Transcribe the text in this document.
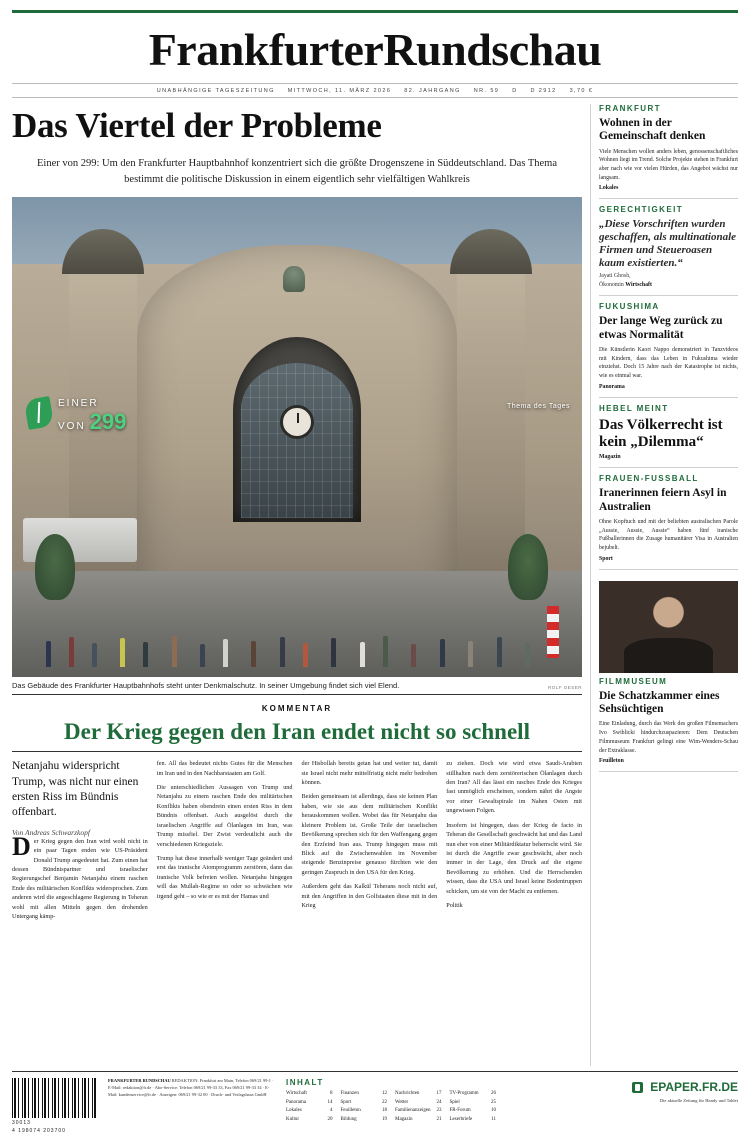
FrankfurterRundschau
UNABHÄNGIGE TAGESZEITUNG MITTWOCH, 11. MÄRZ 2026 82. JAHRGANG NR. 59 D D 2912 3,70 €
Das Viertel der Probleme
Einer von 299: Um den Frankfurter Hauptbahnhof konzentriert sich die größte Drogenszene in Süddeutschland. Das Thema bestimmt die politische Diskussion in einem eigentlich sehr vielfältigen Wahlkreis
EINER
VON 299
Thema des Tages
Das Gebäude des Frankfurter Hauptbahnhofs steht unter Denkmalschutz. In seiner Umgebung findet sich viel Elend.	ROLF OESER
KOMMENTAR
Der Krieg gegen den Iran endet nicht so schnell
Netanjahu widerspricht Trump, was nicht nur einen ersten Riss im Bündnis offenbart.
Von Andreas Schwarzkopf

Der Krieg gegen den Iran wird wohl nicht in ein paar Tagen enden wie US-Präsident Donald Trump angedeutet hat. Zum einen hat dessen Bündnispartner und israelischer Regierungschef Benjamin Netanjahu einem raschen Ende des militärischen Konflikts widersprochen. Zum anderen wird die angeschlagene Regierung in Teheran wohl mit allen Mitteln gegen den drohenden Untergang kämp-

fen. All das bedeutet nichts Gutes für die Menschen im Iran und in den Nachbarstaaten am Golf.

Die unterschiedlichen Aussagen von Trump und Netanjahu zu einem raschen Ende des militärischen Konflikts haben obendrein einen ersten Riss in dem Bündnis offenbart. Auch ausgelöst durch die israelischen Angriffe auf Ölanlagen im Iran, was Trump missfiel. Der Zwist verdeutlicht auch die verschiedenen Kriegsziele.

Trump hat diese innerhalb weniger Tage geändert und erst das iranische Atomprogramm zerstören, dann das iranische Volk befreien wollen. Netanjahu hingegen will das Mullah-Regime so oder so schwächen wie irgend geht – so wie er es mit der Hamas und

der Hisbollah bereits getan hat und weiter tut, damit sie Israel nicht mehr mittelfristig nicht mehr bedrohen können.

Beiden gemeinsam ist allerdings, dass sie keinen Plan haben, wie sie aus dem militärischen Konflikt herauskommen wollen. Wobei das für Netanjahu das kleinere Problem ist. Große Teile der israelischen Bevölkerung sprechen sich für den Waffengang gegen den Erzfeind Iran aus. Trump hingegen muss mit Blick auf die Zwischenwahlen im November steigende Benzinpreise genauso fürchten wie den geringen Zuspruch in den USA für den Krieg.

Außerdem geht das Kalkül Teherans noch nicht auf, mit den Angriffen in den Golfstaaten diese mit in den Krieg

zu ziehen. Doch wie wird etwa Saudi-Arabien stillhalten nach dem zerstörerischen Ölanlagen durch den Iran? All das lässt ein rasches Ende des Krieges fast unmöglich erscheinen, sondern nährt die Angste vor einer Gewaltspirale im Nahen Osten mit ungewissen Folgen.

Insofern ist hingegen, dass der Krieg de facto in Teheran die Gesellschaft geschwächt hat und das Land nun eher von einer Militärdiktatur beherrscht wird. Sie ist durch die Angriffe zwar geschwächt, aber noch immer in der Lage, den Druck auf die eigene Bevölkerung zu erhöhen. Und die Herrschenden wissen, dass die USA und Israel keine Bodentruppen schicken, um sie von der Macht zu entfernen.

Politik

FRANKFURT
Wohnen in der Gemeinschaft denken
Viele Menschen wollen anders leben, genossenschaftliches Wohnen liegt im Trend. Solche Projekte stehen in Frankfurt aber nach wie vor vielen Hürden, das Angebot wächst nur langsam.
Lokales
GERECHTIGKEIT
„Diese Vorschriften wurden geschaffen, als multinationale Firmen und Steueroasen kaum existierten.“
Jayati Ghosh,
Ökonomin Wirtschaft
FUKUSHIMA
Der lange Weg zurück zu etwas Normalität
Die Künstlerin Kaori Nappo demonstriert in Tanzvideos mit Kindern, dass das Leben in Fukushima wieder einziehst. Doch 15 Jahre nach der Katastrophe ist nichts, wie es einmal war.
Panorama
HEBEL MEINT
Das Völkerrecht ist kein „Dilemma“
Magazin
FRAUEN-FUSSBALL
Iranerinnen feiern Asyl in Australien
Ohne Kopftuch und mit der beliebten australischen Parole „Aussie, Aussie, Aussie“ haben fünf iranische Fußballerinnen die Zusage humanitärer Visa in Australien bejubelt.
Sport
FILMMUSEUM
Die Schatzkammer eines Sehsüchtigen
Eine Einladung, durch das Werk des großen Filmemachers Ivo Swiblicki hindurchzuspazieren: Dem Deutschen Filmmuseum Frankfurt gelingt eine Wim-Wenders-Schau der Extraklasse.
Feuilleton
30013
4 198074 203700
FRANKFURTER RUNDSCHAU REDAKTION: Frankfurt am Main, Telefon 069/21 99-1 · E-Mail: redaktion@fr.de · Abo-Service: Telefon 069/21 99-33 33, Fax 069/21 99-33 34 · E-Mail: kundenservice@fr.de · Anzeigen: 069/21 99-32 00 · Druck- und Verlagshaus GmbH
INHALT
Wirtschaft	8
Panorama	14
Lokales	4
Kultur	20
Finanzen	12
Sport	22
Feuilleton	18
Bildung	19
Nachrichten	17
Wetter	24
Familienanzeigen 23
Magazin	21
TV-Programm	26
Spiel	25
FR-Forum	10
Leserbriefe	11
EPAPER.FR.DE
Die aktuelle Zeitung für Handy und Tablet
